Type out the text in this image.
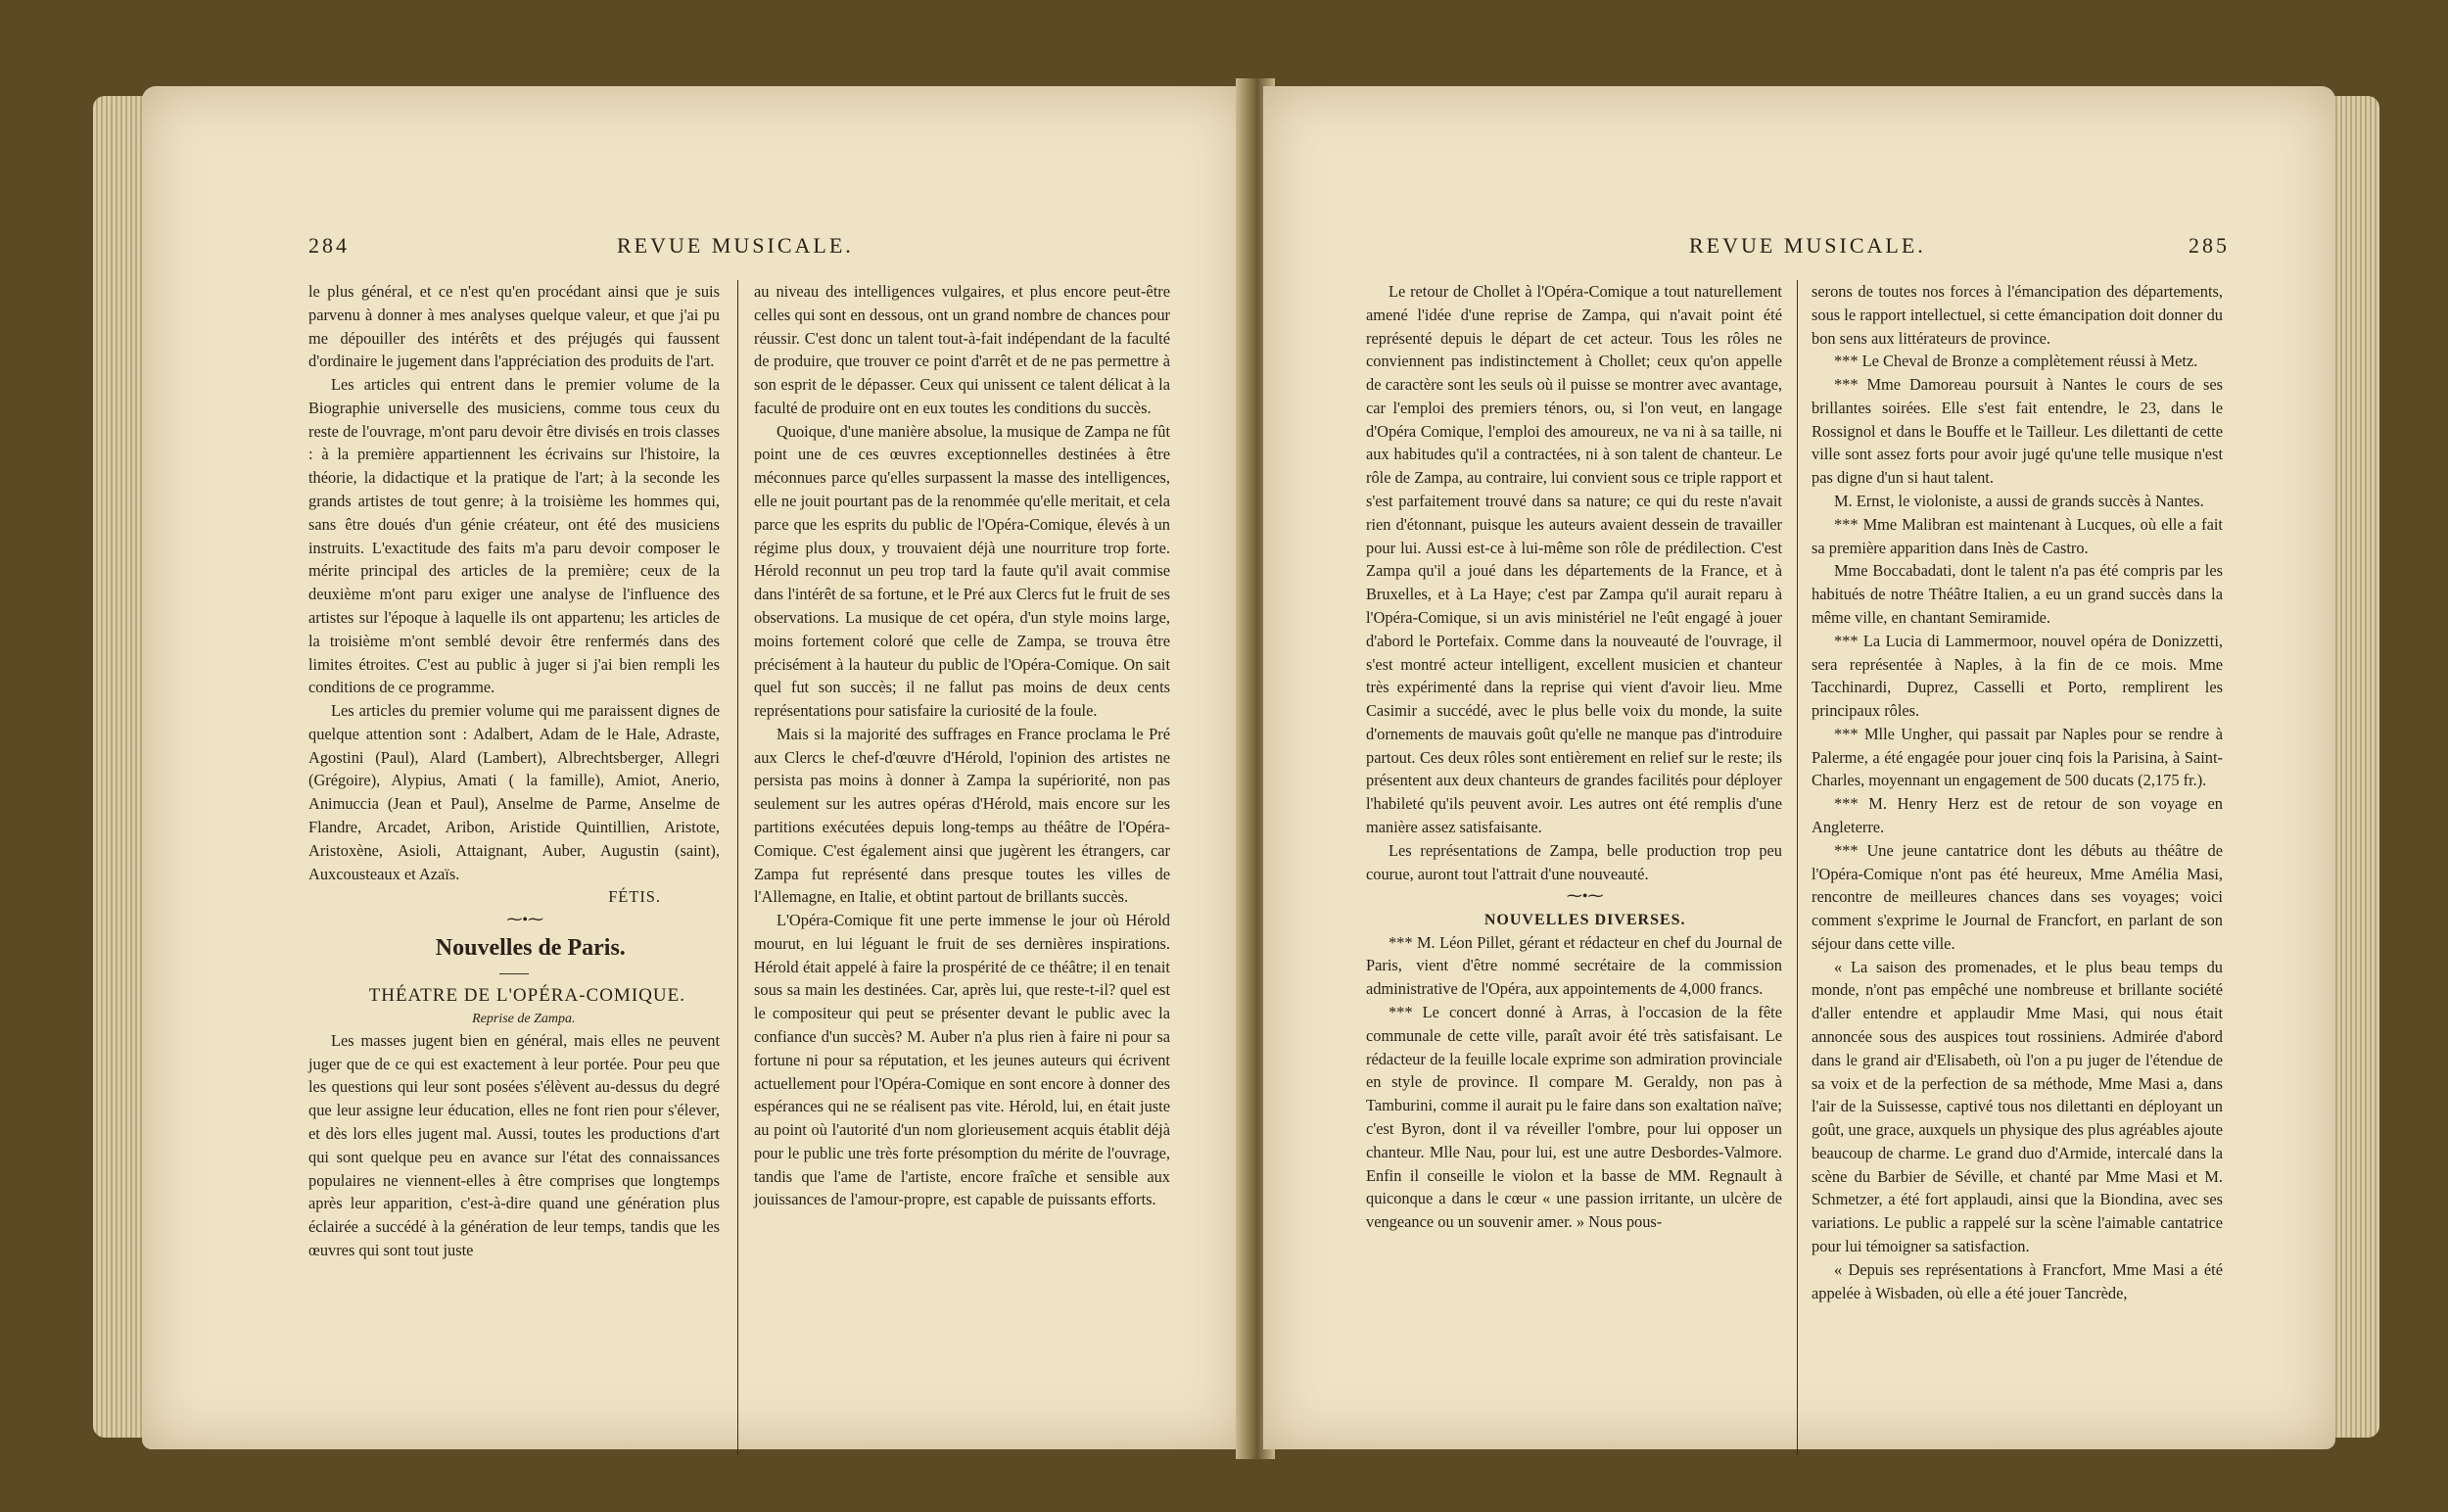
284	REVUE MUSICALE.

le plus général, et ce n'est qu'en procédant ainsi que je suis parvenu à donner à mes analyses quelque valeur, et que j'ai pu me dépouiller des intérêts et des préjugés qui faussent d'ordinaire le jugement dans l'appréciation des produits de l'art.

Les articles qui entrent dans le premier volume de la Biographie universelle des musiciens, comme tous ceux du reste de l'ouvrage, m'ont paru devoir être divisés en trois classes : à la première appartiennent les écrivains sur l'histoire, la théorie, la didactique et la pratique de l'art; à la seconde les grands artistes de tout genre; à la troisième les hommes qui, sans être doués d'un génie créateur, ont été des musiciens instruits. L'exactitude des faits m'a paru devoir composer le mérite principal des articles de la première; ceux de la deuxième m'ont paru exiger une analyse de l'influence des artistes sur l'époque à laquelle ils ont appartenu; les articles de la troisième m'ont semblé devoir être renfermés dans des limites étroites. C'est au public à juger si j'ai bien rempli les conditions de ce programme.

Les articles du premier volume qui me paraissent dignes de quelque attention sont : Adalbert, Adam de le Hale, Adraste, Agostini (Paul), Alard (Lambert), Albrechtsberger, Allegri (Grégoire), Alypius, Amati ( la famille), Amiot, Anerio, Animuccia (Jean et Paul), Anselme de Parme, Anselme de Flandre, Arcadet, Aribon, Aristide Quintillien, Aristote, Aristoxène, Asioli, Attaignant, Auber, Augustin (saint), Auxcousteaux et Azaïs.

FÉTIS.

⁓•⁓

Nouvelles de Paris.

THÉATRE DE L'OPÉRA-COMIQUE.

Reprise de Zampa.

Les masses jugent bien en général, mais elles ne peuvent juger que de ce qui est exactement à leur portée. Pour peu que les questions qui leur sont posées s'élèvent au-dessus du degré que leur assigne leur éducation, elles ne font rien pour s'élever, et dès lors elles jugent mal. Aussi, toutes les productions d'art qui sont quelque peu en avance sur l'état des connaissances populaires ne viennent-elles à être comprises que longtemps après leur apparition, c'est-à-dire quand une génération plus éclairée a succédé à la génération de leur temps, tandis que les œuvres qui sont tout juste

au niveau des intelligences vulgaires, et plus encore peut-être celles qui sont en dessous, ont un grand nombre de chances pour réussir. C'est donc un talent tout-à-fait indépendant de la faculté de produire, que trouver ce point d'arrêt et de ne pas permettre à son esprit de le dépasser. Ceux qui unissent ce talent délicat à la faculté de produire ont en eux toutes les conditions du succès.

Quoique, d'une manière absolue, la musique de Zampa ne fût point une de ces œuvres exceptionnelles destinées à être méconnues parce qu'elles surpassent la masse des intelligences, elle ne jouit pourtant pas de la renommée qu'elle meritait, et cela parce que les esprits du public de l'Opéra-Comique, élevés à un régime plus doux, y trouvaient déjà une nourriture trop forte. Hérold reconnut un peu trop tard la faute qu'il avait commise dans l'intérêt de sa fortune, et le Pré aux Clercs fut le fruit de ses observations. La musique de cet opéra, d'un style moins large, moins fortement coloré que celle de Zampa, se trouva être précisément à la hauteur du public de l'Opéra-Comique. On sait quel fut son succès; il ne fallut pas moins de deux cents représentations pour satisfaire la curiosité de la foule.

Mais si la majorité des suffrages en France proclama le Pré aux Clercs le chef-d'œuvre d'Hérold, l'opinion des artistes ne persista pas moins à donner à Zampa la supériorité, non pas seulement sur les autres opéras d'Hérold, mais encore sur les partitions exécutées depuis long-temps au théâtre de l'Opéra- Comique. C'est également ainsi que jugèrent les étrangers, car Zampa fut représenté dans presque toutes les villes de l'Allemagne, en Italie, et obtint partout de brillants succès.

L'Opéra-Comique fit une perte immense le jour où Hérold mourut, en lui léguant le fruit de ses dernières inspirations. Hérold était appelé à faire la prospérité de ce théâtre; il en tenait sous sa main les destinées. Car, après lui, que reste-t-il? quel est le compositeur qui peut se présenter devant le public avec la confiance d'un succès? M. Auber n'a plus rien à faire ni pour sa fortune ni pour sa réputation, et les jeunes auteurs qui écrivent actuellement pour l'Opéra-Comique en sont encore à donner des espérances qui ne se réalisent pas vite. Hérold, lui, en était juste au point où l'autorité d'un nom glorieusement acquis établit déjà pour le public une très forte présomption du mérite de l'ouvrage, tandis que l'ame de l'artiste, encore fraîche et sensible aux jouissances de l'amour-propre, est capable de puissants efforts.

REVUE MUSICALE.	285

Le retour de Chollet à l'Opéra-Comique a tout naturellement amené l'idée d'une reprise de Zampa, qui n'avait point été représenté depuis le départ de cet acteur. Tous les rôles ne conviennent pas indistinctement à Chollet; ceux qu'on appelle de caractère sont les seuls où il puisse se montrer avec avantage, car l'emploi des premiers ténors, ou, si l'on veut, en langage d'Opéra Comique, l'emploi des amoureux, ne va ni à sa taille, ni aux habitudes qu'il a contractées, ni à son talent de chanteur. Le rôle de Zampa, au contraire, lui convient sous ce triple rapport et s'est parfaitement trouvé dans sa nature; ce qui du reste n'avait rien d'étonnant, puisque les auteurs avaient dessein de travailler pour lui. Aussi est-ce à lui-même son rôle de prédilection. C'est Zampa qu'il a joué dans les départements de la France, et à Bruxelles, et à La Haye; c'est par Zampa qu'il aurait reparu à l'Opéra-Comique, si un avis ministériel ne l'eût engagé à jouer d'abord le Portefaix. Comme dans la nouveauté de l'ouvrage, il s'est montré acteur intelligent, excellent musicien et chanteur très expérimenté dans la reprise qui vient d'avoir lieu. Mme Casimir a succédé, avec le plus belle voix du monde, la suite d'ornements de mauvais goût qu'elle ne manque pas d'introduire partout. Ces deux rôles sont entièrement en relief sur le reste; ils présentent aux deux chanteurs de grandes facilités pour déployer l'habileté qu'ils peuvent avoir. Les autres ont été remplis d'une manière assez satisfaisante.

Les représentations de Zampa, belle production trop peu courue, auront tout l'attrait d'une nouveauté.

⁓•⁓

NOUVELLES DIVERSES.

*** M. Léon Pillet, gérant et rédacteur en chef du Journal de Paris, vient d'être nommé secrétaire de la commission administrative de l'Opéra, aux appointements de 4,000 francs.

*** Le concert donné à Arras, à l'occasion de la fête communale de cette ville, paraît avoir été très satisfaisant. Le rédacteur de la feuille locale exprime son admiration provinciale en style de province. Il compare M. Geraldy, non pas à Tamburini, comme il aurait pu le faire dans son exaltation naïve; c'est Byron, dont il va réveiller l'ombre, pour lui opposer un chanteur. Mlle Nau, pour lui, est une autre Desbordes-Valmore. Enfin il conseille le violon et la basse de MM. Regnault à quiconque a dans le cœur « une passion irritante, un ulcère de vengeance ou un souvenir amer. » Nous pous-

serons de toutes nos forces à l'émancipation des départements, sous le rapport intellectuel, si cette émancipation doit donner du bon sens aux littérateurs de province.

*** Le Cheval de Bronze a complètement réussi à Metz.

*** Mme Damoreau poursuit à Nantes le cours de ses brillantes soirées. Elle s'est fait entendre, le 23, dans le Rossignol et dans le Bouffe et le Tailleur. Les dilettanti de cette ville sont assez forts pour avoir jugé qu'une telle musique n'est pas digne d'un si haut talent.

M. Ernst, le violoniste, a aussi de grands succès à Nantes.

*** Mme Malibran est maintenant à Lucques, où elle a fait sa première apparition dans Inès de Castro.

Mme Boccabadati, dont le talent n'a pas été compris par les habitués de notre Théâtre Italien, a eu un grand succès dans la même ville, en chantant Semiramide.

*** La Lucia di Lammermoor, nouvel opéra de Donizzetti, sera représentée à Naples, à la fin de ce mois. Mme Tacchinardi, Duprez, Casselli et Porto, remplirent les principaux rôles.

*** Mlle Ungher, qui passait par Naples pour se rendre à Palerme, a été engagée pour jouer cinq fois la Parisina, à Saint-Charles, moyennant un engagement de 500 ducats (2,175 fr.).

*** M. Henry Herz est de retour de son voyage en Angleterre.

*** Une jeune cantatrice dont les débuts au théâtre de l'Opéra-Comique n'ont pas été heureux, Mme Amélia Masi, rencontre de meilleures chances dans ses voyages; voici comment s'exprime le Journal de Francfort, en parlant de son séjour dans cette ville.

« La saison des promenades, et le plus beau temps du monde, n'ont pas empêché une nombreuse et brillante société d'aller entendre et applaudir Mme Masi, qui nous était annoncée sous des auspices tout rossiniens. Admirée d'abord dans le grand air d'Elisabeth, où l'on a pu juger de l'étendue de sa voix et de la perfection de sa méthode, Mme Masi a, dans l'air de la Suissesse, captivé tous nos dilettanti en déployant un goût, une grace, auxquels un physique des plus agréables ajoute beaucoup de charme. Le grand duo d'Armide, intercalé dans la scène du Barbier de Séville, et chanté par Mme Masi et M. Schmetzer, a été fort applaudi, ainsi que la Biondina, avec ses variations. Le public a rappelé sur la scène l'aimable cantatrice pour lui témoigner sa satisfaction.

« Depuis ses représentations à Francfort, Mme Masi a été appelée à Wisbaden, où elle a été jouer Tancrède,
